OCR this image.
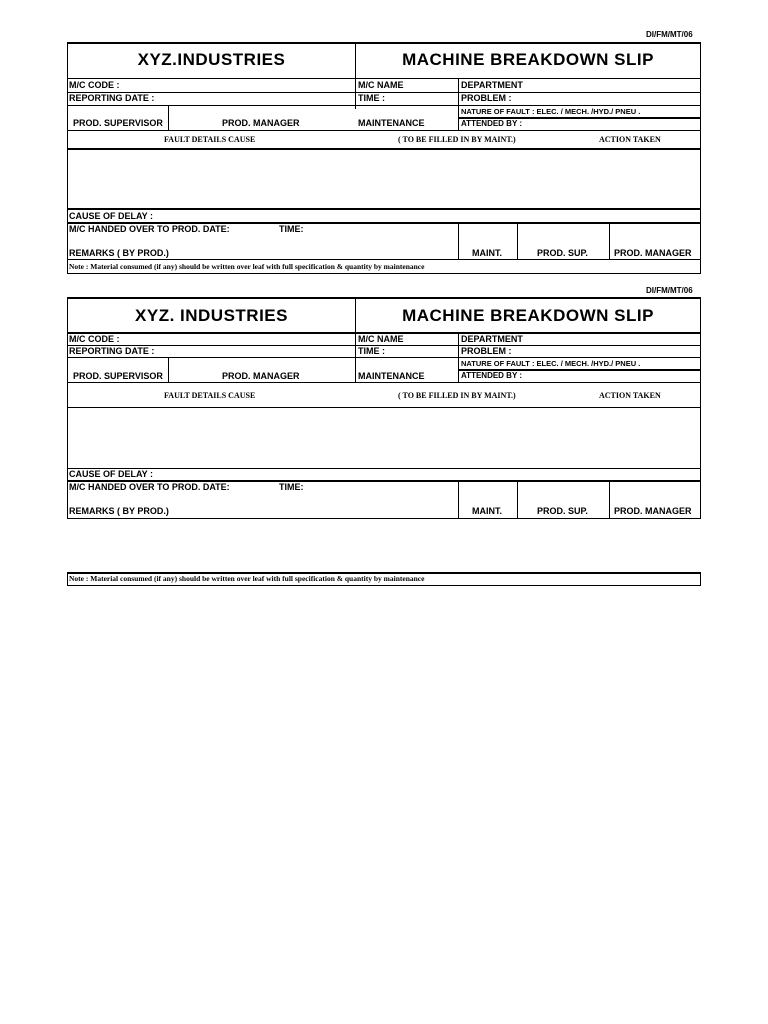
DI/FM/MT/06
XYZ.INDUSTRIES	MACHINE BREAKDOWN SLIP
M/C CODE :	M/C NAME	DEPARTMENT
REPORTING DATE :	TIME :	PROBLEM :
NATURE OF FAULT : ELEC. / MECH. /HYD./ PNEU .
PROD. SUPERVISOR	PROD. MANAGER	MAINTENANCE	ATTENDED BY :
FAULT DETAILS CAUSE	( TO BE FILLED IN BY MAINT.)	ACTION TAKEN
CAUSE OF DELAY :
M/C HANDED OVER TO PROD. DATE:	TIME:
REMARKS ( BY PROD.)	MAINT.	PROD. SUP.	PROD. MANAGER
Note : Material consumed (if any) should be written over leaf with full specification & quantity by maintenance
DI/FM/MT/06
XYZ. INDUSTRIES	MACHINE BREAKDOWN SLIP
M/C CODE :	M/C NAME	DEPARTMENT
REPORTING DATE :	TIME :	PROBLEM :
NATURE OF FAULT : ELEC. / MECH. /HYD./ PNEU .
PROD. SUPERVISOR	PROD. MANAGER	MAINTENANCE	ATTENDED BY :
FAULT DETAILS CAUSE	( TO BE FILLED IN BY MAINT.)	ACTION TAKEN
CAUSE OF DELAY :
M/C HANDED OVER TO PROD. DATE:	TIME:
REMARKS ( BY PROD.)	MAINT.	PROD. SUP.	PROD. MANAGER
Note : Material consumed (if any) should be written over leaf with full specification & quantity by maintenance
